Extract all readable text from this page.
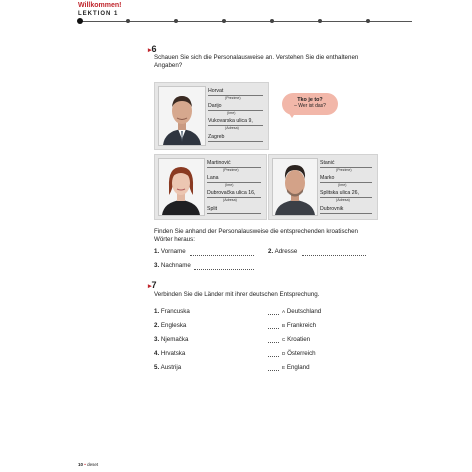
Willkommen!
LEKTION 1
▸6
Schauen Sie sich die Personalausweise an. Verstehen Sie die enthaltenen
Angaben?
Horvat
(Prezime)
Darijo
(Ime)
Vukovarska ulica 9,
(Adresa)
Zagreb
Tko je to?
– Wer ist das?
Martinović
(Prezime)
Lana
(Ime)
Dubrovačka ulica 16,
(Adresa)
Split
Stanić
(Prezime)
Marko
(Ime)
Splitska ulica 26,
(Adresa)
Dubrovnik
Finden Sie anhand der Personalausweise die entsprechenden kroatischen
Wörter heraus:
1. Vorname	2. Adresse
3. Nachname
▸7
Verbinden Sie die Länder mit ihrer deutschen Entsprechung.
1. Francuska
2. Engleska
3. Njemačka
4. Hrvatska
5. Austrija
A Deutschland
B Frankreich
C Kroatien
D Österreich
E England
10 • deset
